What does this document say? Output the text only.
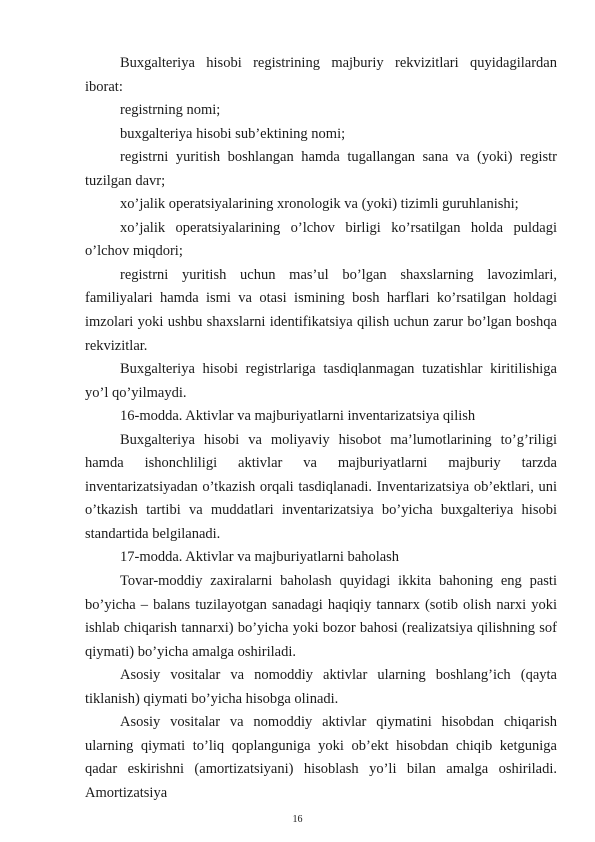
Buxgalteriya hisobi registrining majburiy rekvizitlari quyidagilardan iborat:

registrning nomi;

buxgalteriya hisobi sub’ektining nomi;

registrni yuritish boshlangan hamda tugallangan sana va (yoki) registr tuzilgan davr;

xo’jalik operatsiyalarining xronologik va (yoki) tizimli guruhlanishi;

xo’jalik operatsiyalarining o’lchov birligi ko’rsatilgan holda puldagi o’lchov miqdori;

registrni yuritish uchun mas’ul bo’lgan shaxslarning lavozimlari, familiyalari hamda ismi va otasi ismining bosh harflari ko’rsatilgan holdagi imzolari yoki ushbu shaxslarni identifikatsiya qilish uchun zarur bo’lgan boshqa rekvizitlar.

Buxgalteriya hisobi registrlariga tasdiqlanmagan tuzatishlar kiritilishiga yo’l qo’yilmaydi.

16-modda. Aktivlar va majburiyatlarni inventarizatsiya qilish

Buxgalteriya hisobi va moliyaviy hisobot ma’lumotlarining to’g’riligi hamda ishonchliligi aktivlar va majburiyatlarni majburiy tarzda inventarizatsiyadan o’tkazish orqali tasdiqlanadi. Inventarizatsiya ob’ektlari, uni o’tkazish tartibi va muddatlari inventarizatsiya bo’yicha buxgalteriya hisobi standartida belgilanadi.

17-modda. Aktivlar va majburiyatlarni baholash

Tovar-moddiy zaxiralarni baholash quyidagi ikkita bahoning eng pasti bo’yicha – balans tuzilayotgan sanadagi haqiqiy tannarx (sotib olish narxi yoki ishlab chiqarish tannarxi) bo’yicha yoki bozor bahosi (realizatsiya qilishning sof qiymati) bo’yicha amalga oshiriladi.

Asosiy vositalar va nomoddiy aktivlar ularning boshlang’ich (qayta tiklanish) qiymati bo’yicha hisobga olinadi.

Asosiy vositalar va nomoddiy aktivlar qiymatini hisobdan chiqarish ularning qiymati to’liq qoplanguniga yoki ob’ekt hisobdan chiqib ketguniga qadar eskirishni (amortizatsiyani) hisoblash yo’li bilan amalga oshiriladi. Amortizatsiya

16
